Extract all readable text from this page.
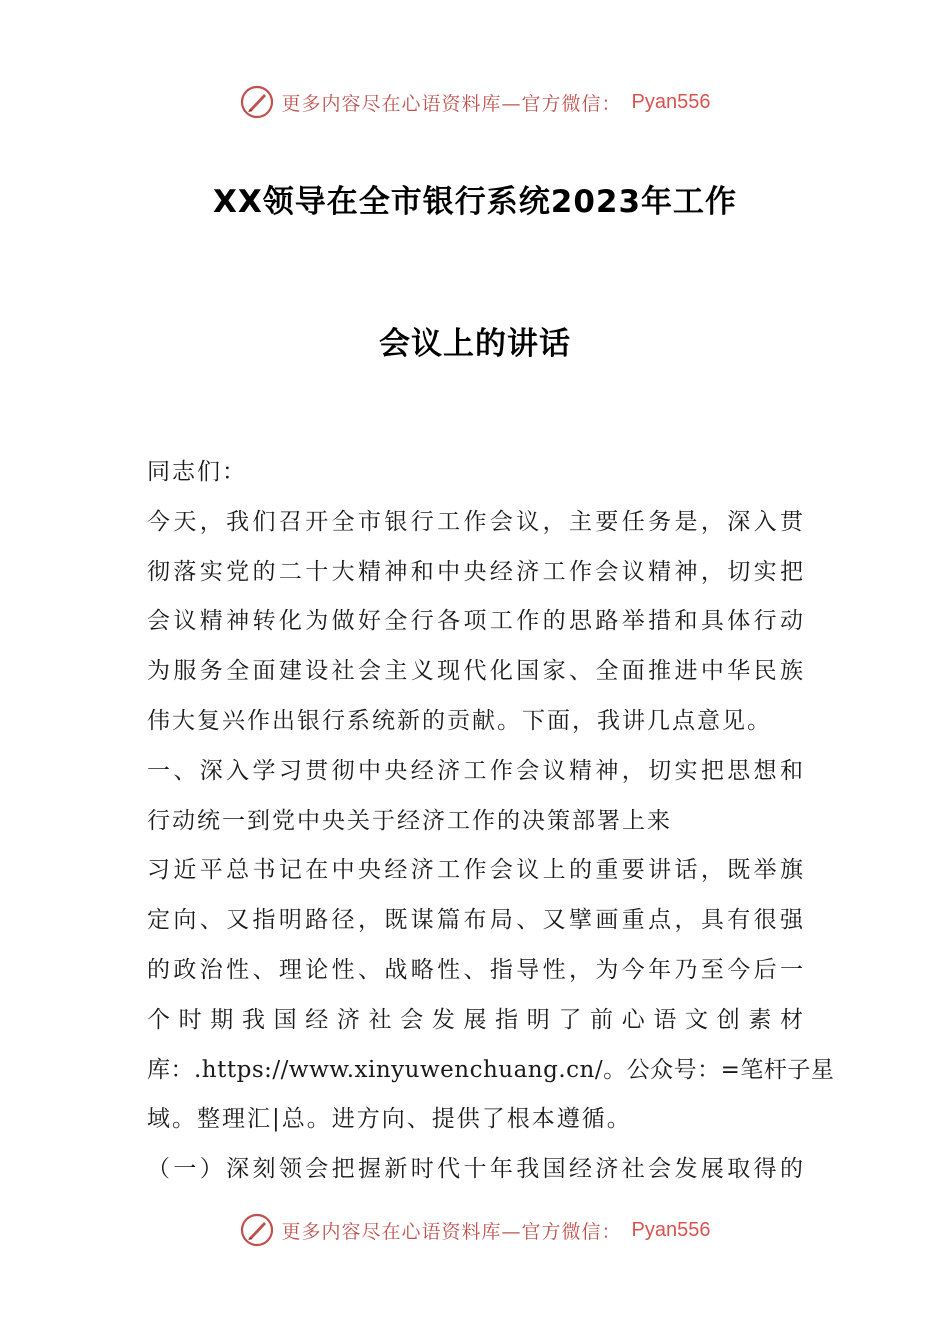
更多内容尽在心语资料库—官方微信： Pyan556
XX领导在全市银行系统2023年工作
会议上的讲话
同志们：
今天，我们召开全市银行工作会议，主要任务是，深入贯
彻落实党的二十大精神和中央经济工作会议精神，切实把
会议精神转化为做好全行各项工作的思路举措和具体行动
为服务全面建设社会主义现代化国家、全面推进中华民族
伟大复兴作出银行系统新的贡献。下面，我讲几点意见。
一、深入学习贯彻中央经济工作会议精神，切实把思想和
行动统一到党中央关于经济工作的决策部署上来
习近平总书记在中央经济工作会议上的重要讲话，既举旗
定向、又指明路径，既谋篇布局、又擘画重点，具有很强
的政治性、理论性、战略性、指导性，为今年乃至今后一
个时期我国经济社会发展指明了前心语文创素材
库：.https://www.xinyuwenchuang.cn/。公众号：=笔杆子星
域。整理汇|总。进方向、提供了根本遵循。
（一）深刻领会把握新时代十年我国经济社会发展取得的
更多内容尽在心语资料库—官方微信： Pyan556
